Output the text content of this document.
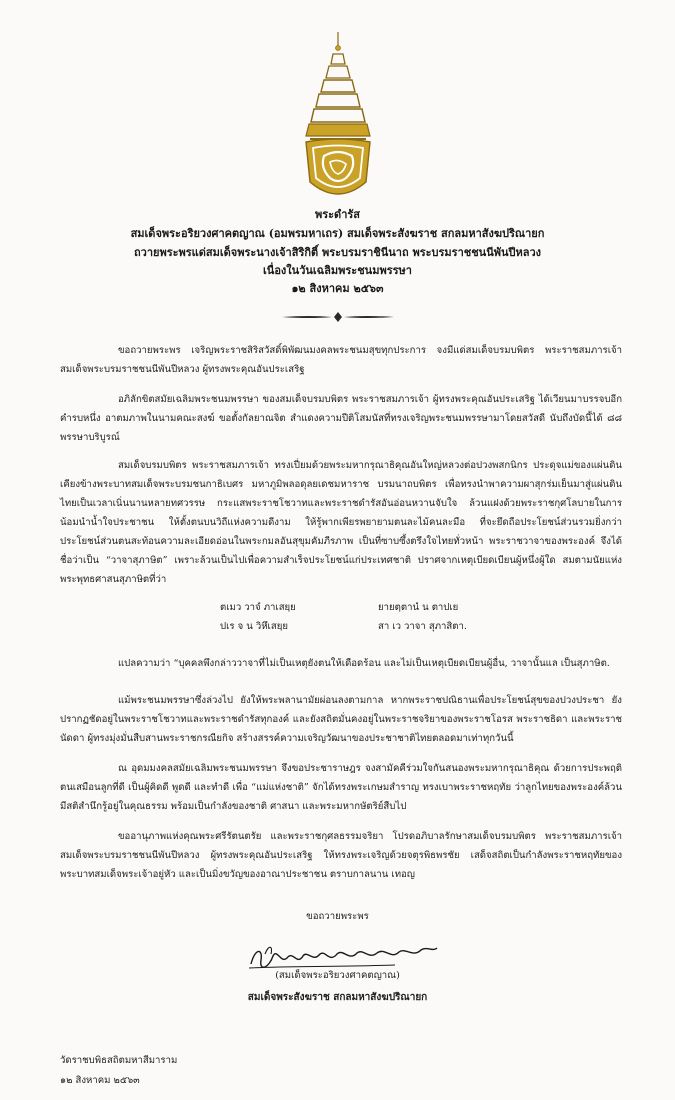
พระดำรัส
สมเด็จพระอริยวงศาคตญาณ (อมพรมหาเถร) สมเด็จพระสังฆราช สกลมหาสังฆปริณายก
ถวายพระพรแด่สมเด็จพระนางเจ้าสิริกิติ์ พระบรมราชินีนาถ พระบรมราชชนนีพันปีหลวง
เนื่องในวันเฉลิมพระชนมพรรษา
๑๒ สิงหาคม ๒๕๖๓
ขอถวายพระพร เจริญพระราชสิริสวัสดิ์พิพัฒนมงคลพระชนมสุขทุกประการ จงมีแด่สมเด็จบรมบพิตร พระราชสมภารเจ้า สมเด็จพระบรมราชชนนีพันปีหลวง ผู้ทรงพระคุณอันประเสริฐ
อภิลักขิตสมัยเฉลิมพระชนมพรรษา ของสมเด็จบรมบพิตร พระราชสมภารเจ้า ผู้ทรงพระคุณอันประเสริฐ ได้เวียนมาบรรจบอีกคำรบหนึ่ง อาตมภาพในนามคณะสงฆ์ ขอตั้งกัลยาณจิต สำแดงความปีติโสมนัสที่ทรงเจริญพระชนมพรรษามาโดยสวัสดี นับถึงบัดนี้ได้ ๘๘ พรรษาบริบูรณ์
สมเด็จบรมบพิตร พระราชสมภารเจ้า ทรงเปี่ยมด้วยพระมหากรุณาธิคุณอันใหญ่หลวงต่อปวงพสกนิกร ประดุจแม่ของแผ่นดินเคียงข้างพระบาทสมเด็จพระบรมชนกาธิเบศร มหาภูมิพลอดุลยเดชมหาราช บรมนาถบพิตร เพื่อทรงนำพาความผาสุกร่มเย็นมาสู่แผ่นดินไทยเป็นเวลาเนิ่นนานหลายทศวรรษ กระแสพระราชโชวาทและพระราชดำรัสอันอ่อนหวานจับใจ ล้วนแฝงด้วยพระราชกุศโลบายในการน้อมนำน้ำใจประชาชน ให้ตั้งตนบนวิถีแห่งความดีงาม ให้รู้พากเพียรพยายามตนละไม้คนละมือ ที่จะยึดถือประโยชน์ส่วนรวมยิ่งกว่าประโยชน์ส่วนตนสะท้อนความละเอียดอ่อนในพระกมลอันสุขุมคัมภีรภาพ เป็นที่ซาบซึ้งตรึงใจไทยทั่วหน้า พระราชวาจาของพระองค์ จึงได้ชื่อว่าเป็น “วาจาสุภาษิต” เพราะล้วนเป็นไปเพื่อความสำเร็จประโยชน์แก่ประเทศชาติ ปราศจากเหตุเบียดเบียนผู้หนึ่งผู้ใด สมตามนัยแห่งพระพุทธศาสนสุภาษิตที่ว่า
ตเมว วาจํ ภาเสยฺย	ยายตฺตานํ น ตาปเย
ปเร จ น วิหึเสยฺย	สา เว วาจา สุภาสิตา.
แปลความว่า “บุคคลพึงกล่าววาจาที่ไม่เป็นเหตุยังตนให้เดือดร้อน และไม่เป็นเหตุเบียดเบียนผู้อื่น, วาจานั้นแล เป็นสุภาษิต.
แม้พระชนมพรรษาซึ่งล่วงไป ยังให้พระพลานามัยผ่อนลงตามกาล หากพระราชปณิธานเพื่อประโยชน์สุขของปวงประชา ยังปรากฏชัดอยู่ในพระราชโชวาทและพระราชดำรัสทุกองค์ และยังสถิตมั่นคงอยู่ในพระราชจริยาของพระราชโอรส พระราชธิดา และพระราชนัดดา ผู้ทรงมุ่งมั่นสืบสานพระราชกรณียกิจ สร้างสรรค์ความเจริญวัฒนาของประชาชาติไทยตลอดมาเท่าทุกวันนี้
ณ อุดมมงคลสมัยเฉลิมพระชนมพรรษา จึงขอประชาราษฎร จงสามัคคีร่วมใจกันสนองพระมหากรุณาธิคุณ ด้วยการประพฤติตนเสมือนลูกที่ดี เป็นผู้คิดดี พูดดี และทำดี เพื่อ “แม่แห่งชาติ” จักได้ทรงพระเกษมสำราญ ทรงเบาพระราชหฤทัย ว่าลูกไทยของพระองค์ล้วนมีสติสำนึกรู้อยู่ในคุณธรรม พร้อมเป็นกำลังของชาติ ศาสนา และพระมหากษัตริย์สืบไป
ขออานุภาพแห่งคุณพระศรีรัตนตรัย และพระราชกุศลธรรมจริยา โปรดอภิบาลรักษาสมเด็จบรมบพิตร พระราชสมภารเจ้า สมเด็จพระบรมราชชนนีพันปีหลวง ผู้ทรงพระคุณอันประเสริฐ ให้ทรงพระเจริญด้วยจตุรพิธพรชัย เสด็จสถิตเป็นกำลังพระราชหฤทัยของพระบาทสมเด็จพระเจ้าอยู่หัว และเป็นมิ่งขวัญของอาณาประชาชน ตราบกาลนาน เทอญ
ขอถวายพระพร
(สมเด็จพระอริยวงศาคตญาณ)
สมเด็จพระสังฆราช สกลมหาสังฆปริณายก
วัดราชบพิธสถิตมหาสีมาราม
๑๒ สิงหาคม ๒๕๖๓
